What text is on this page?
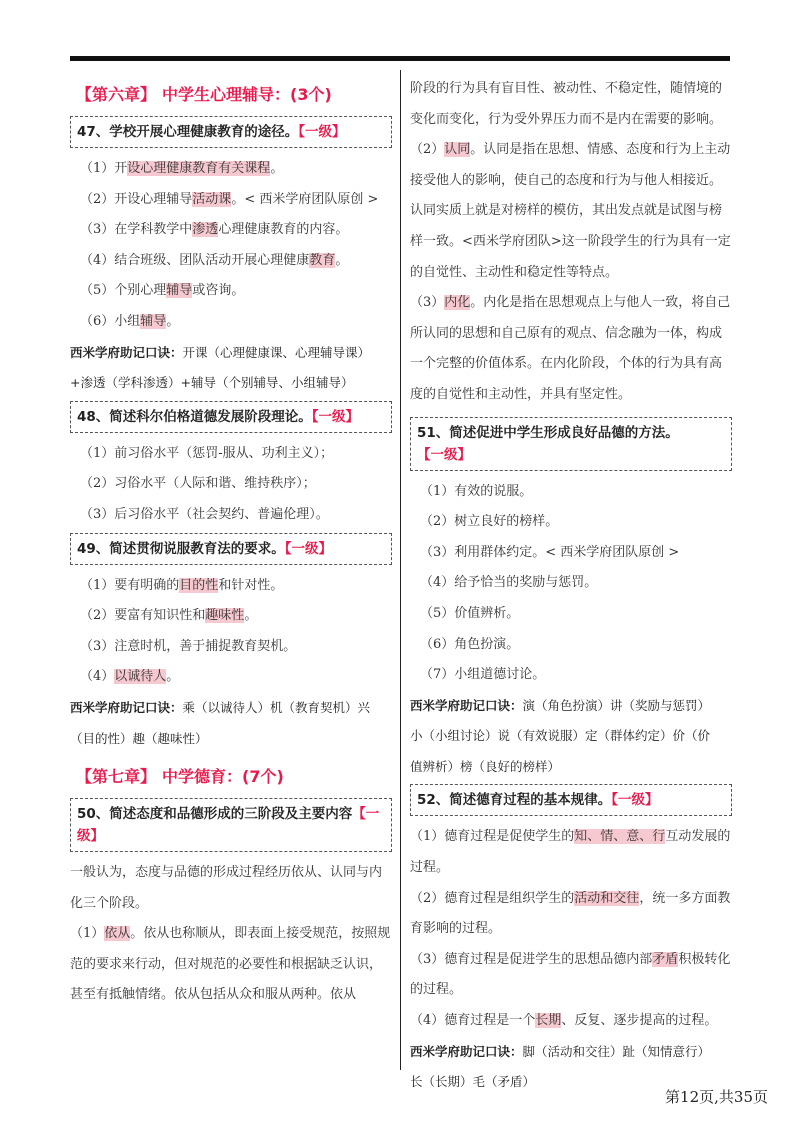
【第六章】 中学生心理辅导：(3个)
47、学校开展心理健康教育的途径。【一级】
（1）开设心理健康教育有关课程。
（2）开设心理辅导活动课。< 西米学府团队原创 >
（3）在学科教学中渗透心理健康教育的内容。
（4）结合班级、团队活动开展心理健康教育。
（5）个别心理辅导或咨询。
（6）小组辅导。
西米学府助记口诀：开课（心理健康课、心理辅导课）
+渗透（学科渗透）+辅导（个别辅导、小组辅导）
48、简述科尔伯格道德发展阶段理论。【一级】
（1）前习俗水平（惩罚-服从、功利主义）；
（2）习俗水平（人际和谐、维持秩序）；
（3）后习俗水平（社会契约、普遍伦理）。
49、简述贯彻说服教育法的要求。【一级】
（1）要有明确的目的性和针对性。
（2）要富有知识性和趣味性。
（3）注意时机，善于捕捉教育契机。
（4）以诚待人。
西米学府助记口诀：乘（以诚待人）机（教育契机）兴
（目的性）趣（趣味性）
【第七章】 中学德育：(7个)
50、简述态度和品德形成的三阶段及主要内容【一级】
一般认为，态度与品德的形成过程经历依从、认同与内化三个阶段。
（1）依从。依从也称顺从，即表面上接受规范，按照规范的要求来行动，但对规范的必要性和根据缺乏认识，甚至有抵触情绪。依从包括从众和服从两种。依从
阶段的行为具有盲目性、被动性、不稳定性，随情境的变化而变化，行为受外界压力而不是内在需要的影响。
（2）认同。认同是指在思想、情感、态度和行为上主动接受他人的影响，使自己的态度和行为与他人相接近。认同实质上就是对榜样的模仿，其出发点就是试图与榜样一致。<西米学府团队>这一阶段学生的行为具有一定的自觉性、主动性和稳定性等特点。
（3）内化。内化是指在思想观点上与他人一致，将自己所认同的思想和自己原有的观点、信念融为一体，构成一个完整的价值体系。在内化阶段，个体的行为具有高度的自觉性和主动性，并具有坚定性。
51、简述促进中学生形成良好品德的方法。【一级】
（1）有效的说服。
（2）树立良好的榜样。
（3）利用群体约定。< 西米学府团队原创 >
（4）给予恰当的奖励与惩罚。
（5）价值辨析。
（6）角色扮演。
（7）小组道德讨论。
西米学府助记口诀：演（角色扮演）讲（奖励与惩罚）
小（小组讨论）说（有效说服）定（群体约定）价（价
值辨析）榜（良好的榜样）
52、简述德育过程的基本规律。【一级】
（1）德育过程是促使学生的知、情、意、行互动发展的过程。
（2）德育过程是组织学生的活动和交往，统一多方面教育影响的过程。
（3）德育过程是促进学生的思想品德内部矛盾积极转化的过程。
（4）德育过程是一个长期、反复、逐步提高的过程。
西米学府助记口诀：脚（活动和交往）趾（知情意行）
长（长期）毛（矛盾）
第12页,共35页
